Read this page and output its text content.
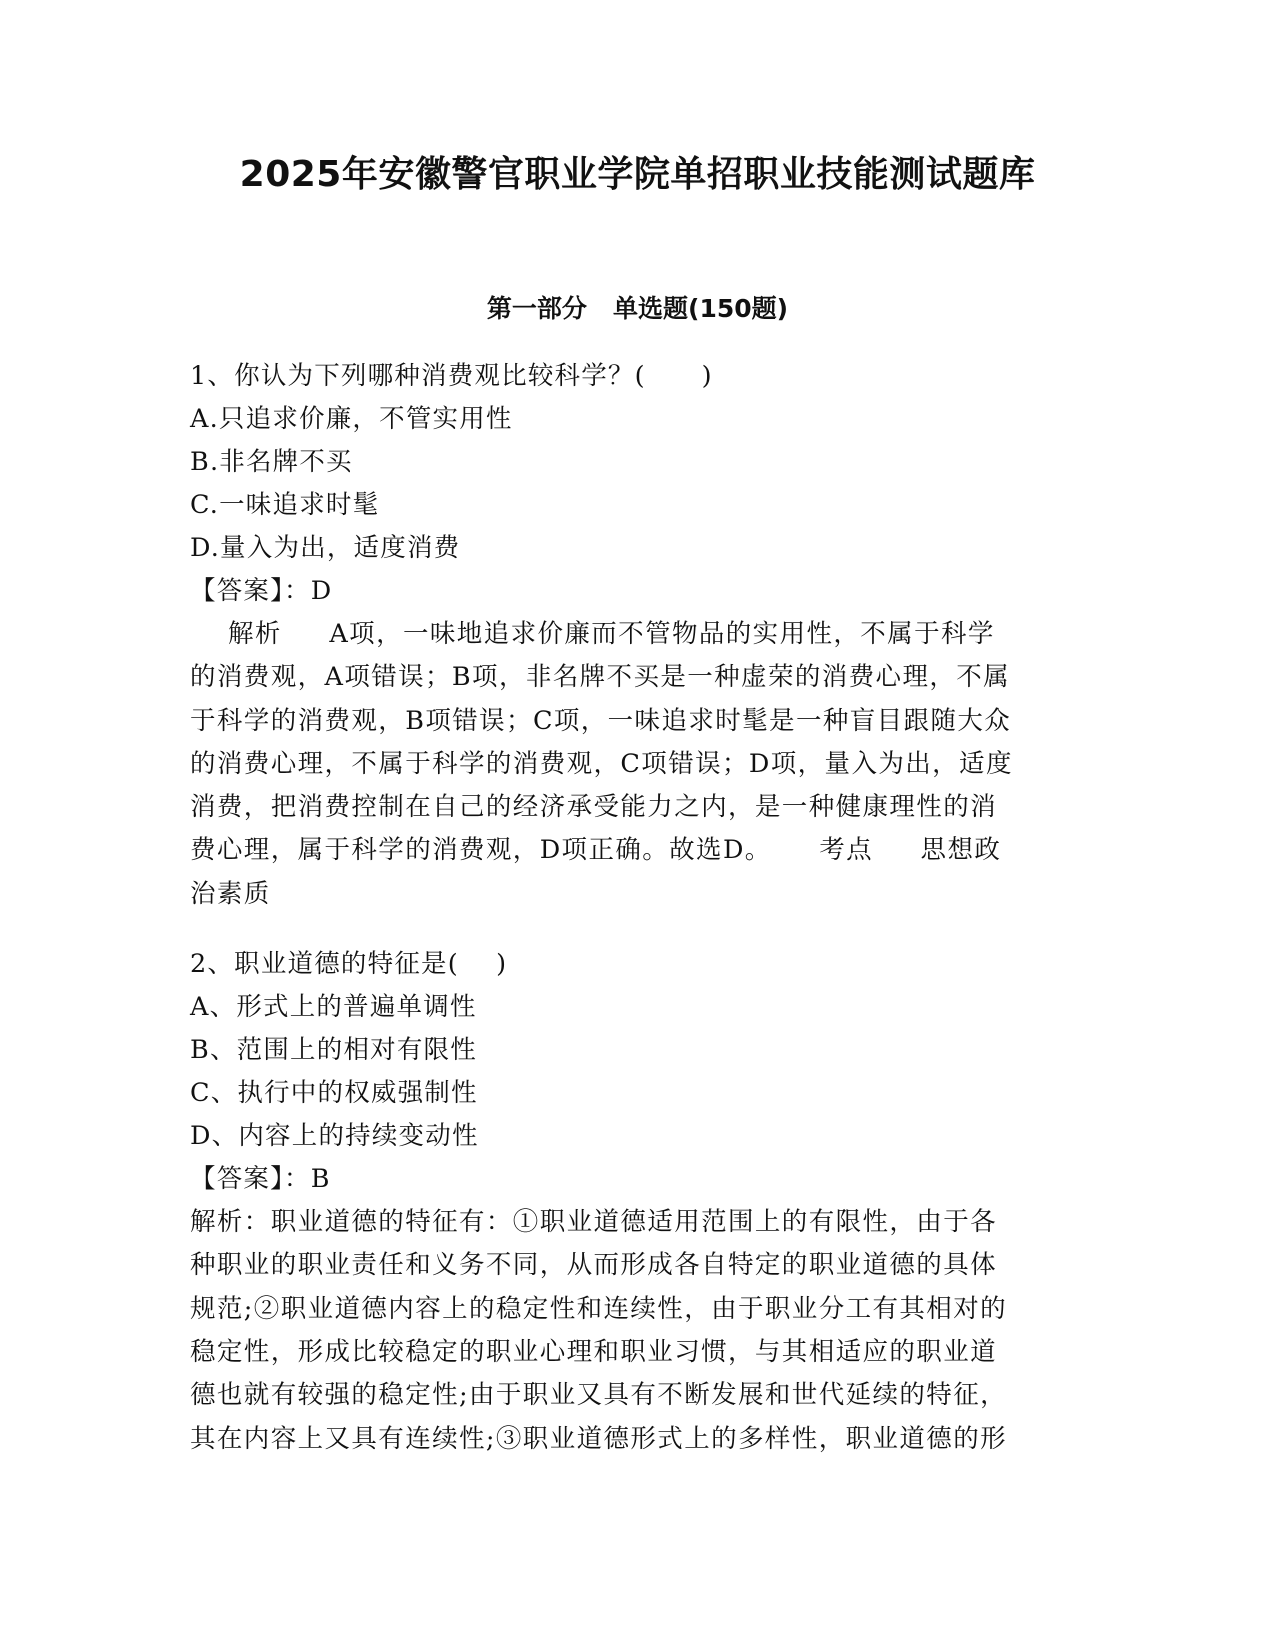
2025年安徽警官职业学院单招职业技能测试题库
第一部分   单选题(150题)
1、你认为下列哪种消费观比较科学？(      )
A.只追求价廉，不管实用性
B.非名牌不买
C.一味追求时髦
D.量入为出，适度消费
【答案】：D
解析     A项，一味地追求价廉而不管物品的实用性，不属于科学
的消费观，A项错误；B项，非名牌不买是一种虚荣的消费心理，不属
于科学的消费观，B项错误；C项，一味追求时髦是一种盲目跟随大众
的消费心理，不属于科学的消费观，C项错误；D项，量入为出，适度
消费，把消费控制在自己的经济承受能力之内，是一种健康理性的消
费心理，属于科学的消费观，D项正确。故选D。     考点     思想政
治素质
2、职业道德的特征是(    )
A、形式上的普遍单调性
B、范围上的相对有限性
C、执行中的权威强制性
D、内容上的持续变动性
【答案】：B
解析：职业道德的特征有：①职业道德适用范围上的有限性，由于各
种职业的职业责任和义务不同，从而形成各自特定的职业道德的具体
规范;②职业道德内容上的稳定性和连续性，由于职业分工有其相对的
稳定性，形成比较稳定的职业心理和职业习惯，与其相适应的职业道
德也就有较强的稳定性;由于职业又具有不断发展和世代延续的特征，
其在内容上又具有连续性;③职业道德形式上的多样性，职业道德的形
